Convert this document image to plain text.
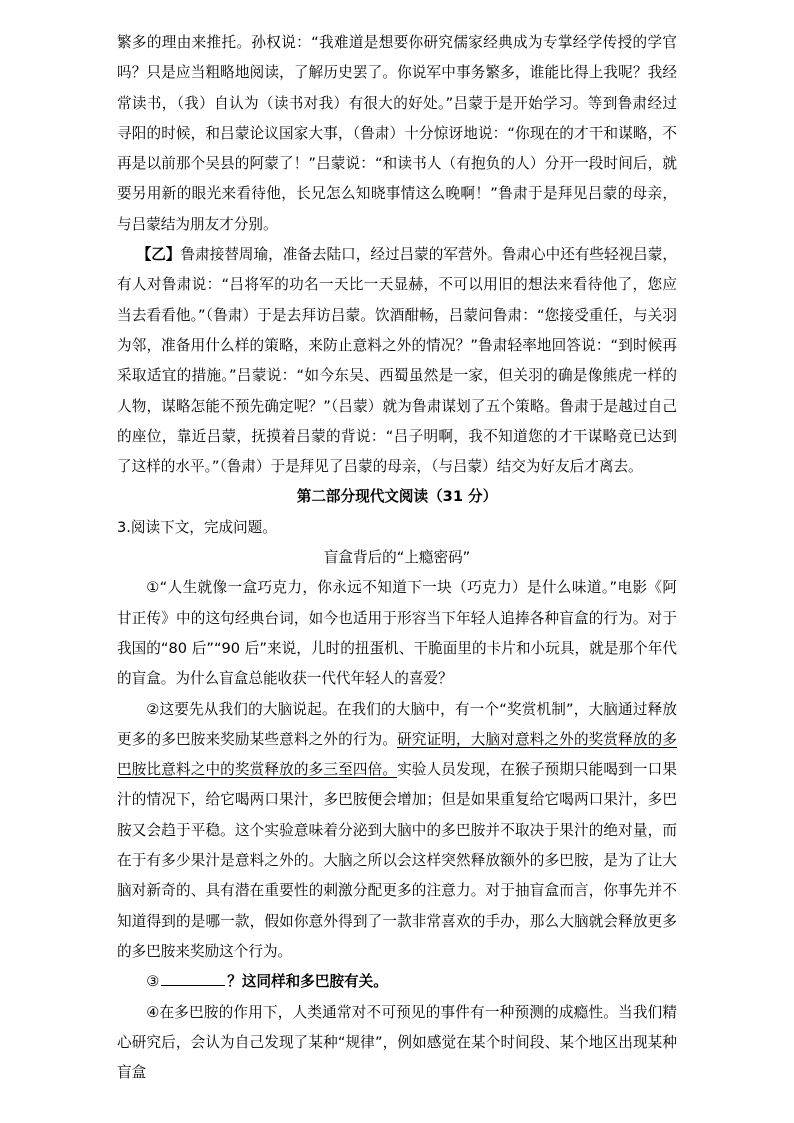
繁多的理由来推托。孙权说：“我难道是想要你研究儒家经典成为专掌经学传授的学官吗？只是应当粗略地阅读，了解历史罢了。你说军中事务繁多，谁能比得上我呢？我经常读书，（我）自认为（读书对我）有很大的好处。”吕蒙于是开始学习。等到鲁肃经过寻阳的时候，和吕蒙论议国家大事，（鲁肃）十分惊讶地说：“你现在的才干和谋略，不再是以前那个吴县的阿蒙了！”吕蒙说：“和读书人（有抱负的人）分开一段时间后，就要另用新的眼光来看待他，长兄怎么知晓事情这么晚啊！”鲁肃于是拜见吕蒙的母亲，与吕蒙结为朋友才分别。

【乙】鲁肃接替周瑜，准备去陆口，经过吕蒙的军营外。鲁肃心中还有些轻视吕蒙，有人对鲁肃说：“吕将军的功名一天比一天显赫，不可以用旧的想法来看待他了，您应当去看看他。”（鲁肃）于是去拜访吕蒙。饮酒酣畅，吕蒙问鲁肃：“您接受重任，与关羽为邻，准备用什么样的策略，来防止意料之外的情况？”鲁肃轻率地回答说：“到时候再采取适宜的措施。”吕蒙说：“如今东吴、西蜀虽然是一家，但关羽的确是像熊虎一样的人物，谋略怎能不预先确定呢？”（吕蒙）就为鲁肃谋划了五个策略。鲁肃于是越过自己的座位，靠近吕蒙，抚摸着吕蒙的背说：“吕子明啊，我不知道您的才干谋略竟已达到了这样的水平。”（鲁肃）于是拜见了吕蒙的母亲，（与吕蒙）结交为好友后才离去。

第二部分现代文阅读（31 分）

3.阅读下文，完成问题。

盲盒背后的“上瘾密码”

①“人生就像一盒巧克力，你永远不知道下一块（巧克力）是什么味道。”电影《阿甘正传》中的这句经典台词，如今也适用于形容当下年轻人追捧各种盲盒的行为。对于我国的“80 后”“90 后”来说，儿时的扭蛋机、干脆面里的卡片和小玩具，就是那个年代的盲盒。为什么盲盒总能收获一代代年轻人的喜爱？

②这要先从我们的大脑说起。在我们的大脑中，有一个“奖赏机制”，大脑通过释放更多的多巴胺来奖励某些意料之外的行为。研究证明，大脑对意料之外的奖赏释放的多巴胺比意料之中的奖赏释放的多三至四倍。实验人员发现，在猴子预期只能喝到一口果汁的情况下，给它喝两口果汁，多巴胺便会增加；但是如果重复给它喝两口果汁，多巴胺又会趋于平稳。这个实验意味着分泌到大脑中的多巴胺并不取决于果汁的绝对量，而在于有多少果汁是意料之外的。大脑之所以会这样突然释放额外的多巴胺，是为了让大脑对新奇的、具有潜在重要性的刺激分配更多的注意力。对于抽盲盒而言，你事先并不知道得到的是哪一款，假如你意外得到了一款非常喜欢的手办，那么大脑就会释放更多的多巴胺来奖励这个行为。

③	？这同样和多巴胺有关。

④在多巴胺的作用下，人类通常对不可预见的事件有一种预测的成瘾性。当我们精心研究后，会认为自己发现了某种“规律”，例如感觉在某个时间段、某个地区出现某种盲盒
